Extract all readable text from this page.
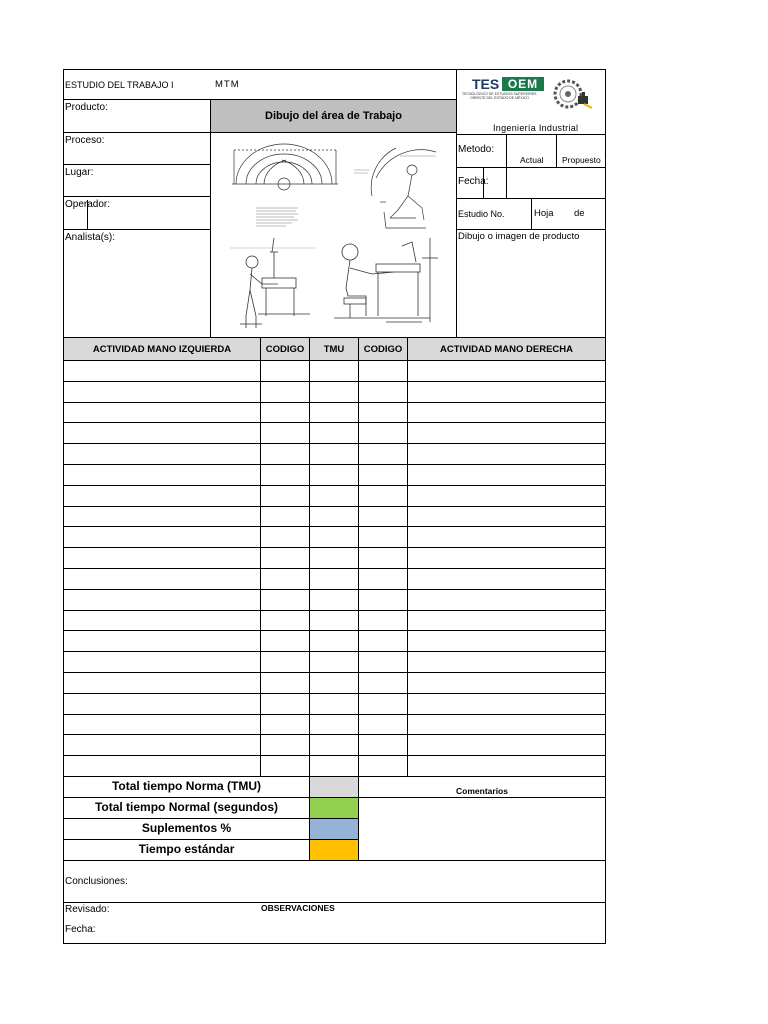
ESTUDIO DEL TRABAJO I	MTM
Producto:
Proceso:
Lugar:
Operador:
Analista(s):
Dibujo del área de Trabajo
··· ···
TES OEM
TECNOLÓGICO DE ESTUDIOS SUPERIORES
ORIENTE DEL ESTADO DE MÉXICO
Ingeniería Industrial
Metodo:
Actual Propuesto
Fecha:
Estudio No.	Hoja de
Dibujo o imagen de producto
ACTIVIDAD MANO IZQUIERDA	CODIGO	TMU	CODIGO	ACTIVIDAD MANO DERECHA
Total tiempo Norma (TMU)
Total tiempo Normal (segundos)
Suplementos %
Tiempo estándar
Comentarios
Conclusiones:
Revisado:	OBSERVACIONES
Fecha:
